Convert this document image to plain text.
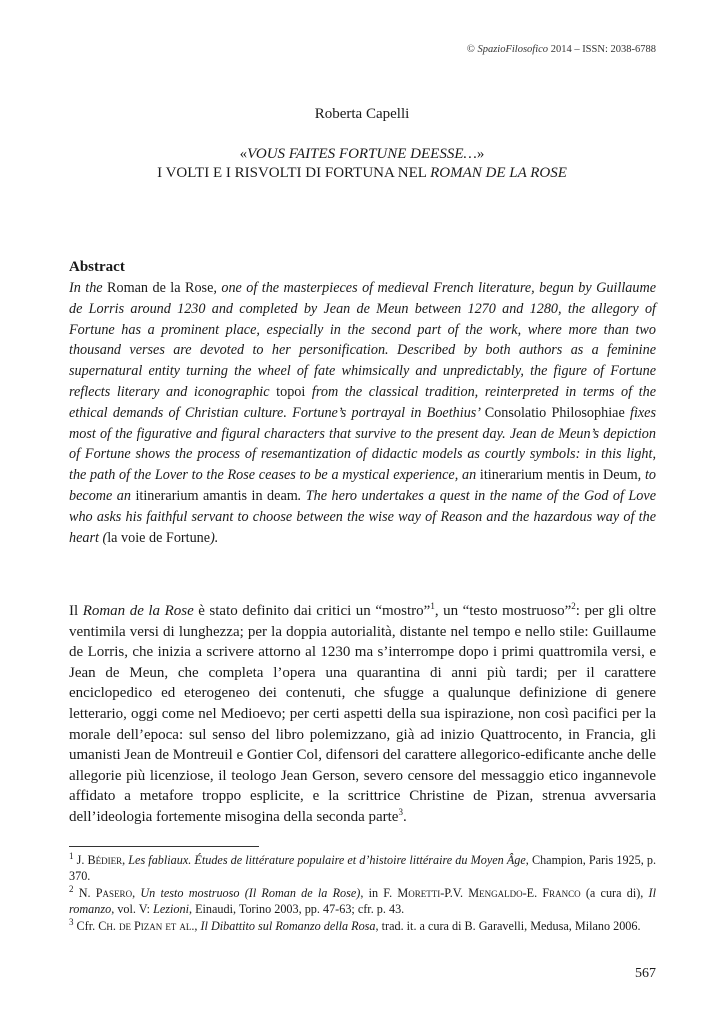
© SpazioFilosofico 2014 – ISSN: 2038-6788
Roberta Capelli
«VOUS FAITES FORTUNE DEESSE…»
I VOLTI E I RISVOLTI DI FORTUNA NEL ROMAN DE LA ROSE
Abstract
In the Roman de la Rose, one of the masterpieces of medieval French literature, begun by Guillaume de Lorris around 1230 and completed by Jean de Meun between 1270 and 1280, the allegory of Fortune has a prominent place, especially in the second part of the work, where more than two thousand verses are devoted to her personification. Described by both authors as a feminine supernatural entity turning the wheel of fate whimsically and unpredictably, the figure of Fortune reflects literary and iconographic topoi from the classical tradition, reinterpreted in terms of the ethical demands of Christian culture. Fortune’s portrayal in Boethius’ Consolatio Philosophiae fixes most of the figurative and figural characters that survive to the present day. Jean de Meun’s depiction of Fortune shows the process of resemantization of didactic models as courtly symbols: in this light, the path of the Lover to the Rose ceases to be a mystical experience, an itinerarium mentis in Deum, to become an itinerarium amantis in deam. The hero undertakes a quest in the name of the God of Love who asks his faithful servant to choose between the wise way of Reason and the hazardous way of the heart (la voie de Fortune).
Il Roman de la Rose è stato definito dai critici un “mostro”$^1$, un “testo mostruoso”$^2$: per gli oltre ventimila versi di lunghezza; per la doppia autorialità, distante nel tempo e nello stile: Guillaume de Lorris, che inizia a scrivere attorno al 1230 ma s’interrompe dopo i primi quattromila versi, e Jean de Meun, che completa l’opera una quarantina di anni più tardi; per il carattere enciclopedico ed eterogeneo dei contenuti, che sfugge a qualunque definizione di genere letterario, oggi come nel Medioevo; per certi aspetti della sua ispirazione, non così pacifici per la morale dell’epoca: sul senso del libro polemizzano, già ad inizio Quattrocento, in Francia, gli umanisti Jean de Montreuil e Gontier Col, difensori del carattere allegorico-edificante anche delle allegorie più licenziose, il teologo Jean Gerson, severo censore del messaggio etico ingannevole affidato a metafore troppo esplicite, e la scrittrice Christine de Pizan, strenua avversaria dell’ideologia fortemente misogina della seconda parte$^3$.

$^1$ J. Bédier, Les fabliaux. Études de littérature populaire et d’histoire littéraire du Moyen Âge, Champion, Paris 1925, p. 370.

$^2$ N. Pasero, Un testo mostruoso (Il Roman de la Rose), in F. Moretti-P.V. Mengaldo-E. Franco (a cura di), Il romanzo, vol. V: Lezioni, Einaudi, Torino 2003, pp. 47-63; cfr. p. 43.

$^3$ Cfr. Ch. de Pizan et al., Il Dibattito sul Romanzo della Rosa, trad. it. a cura di B. Garavelli, Medusa, Milano 2006.

567
